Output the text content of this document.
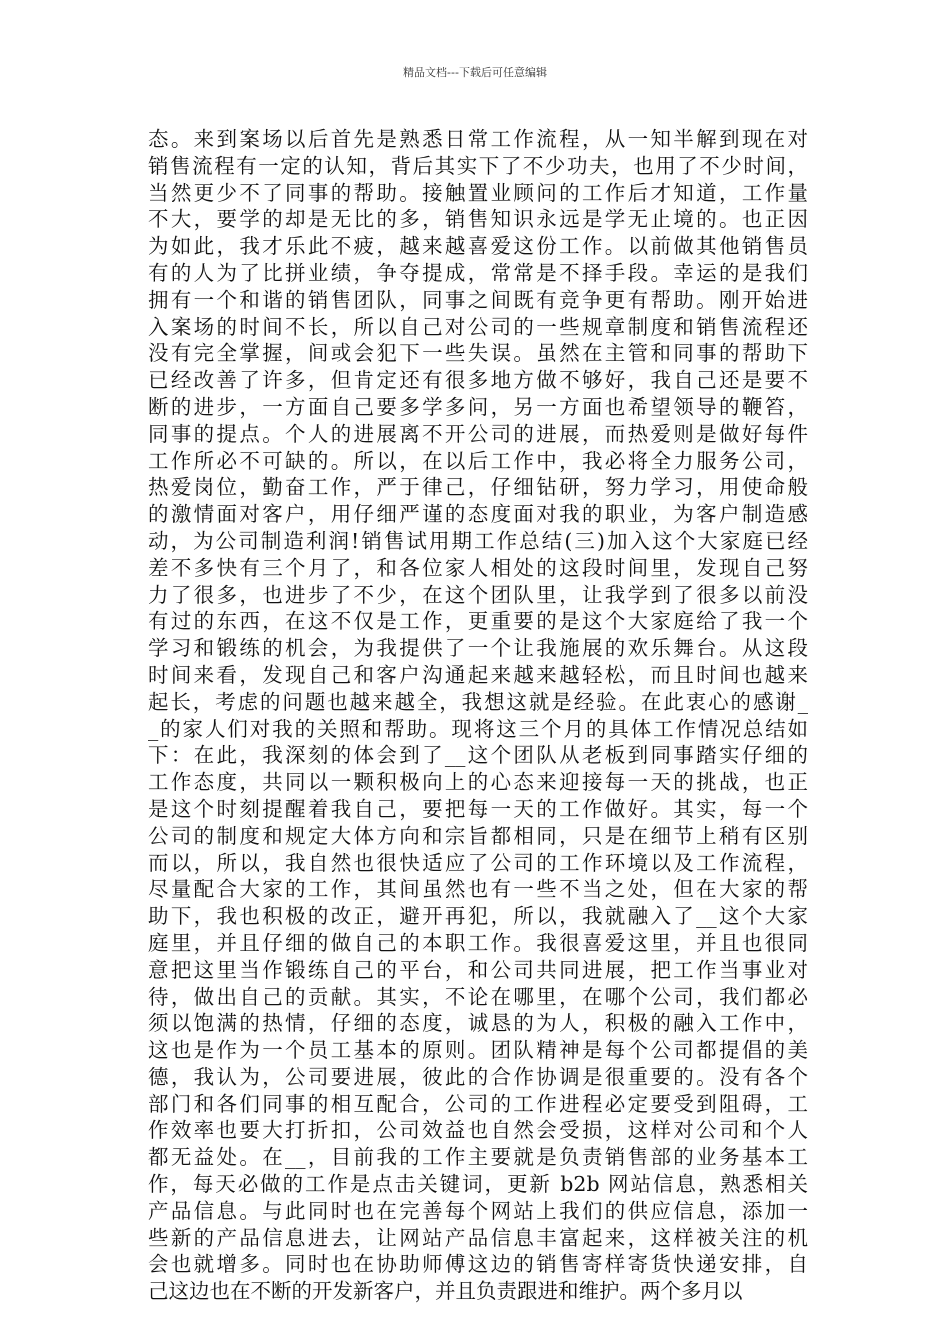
精品文档---下载后可任意编辑
态。来到案场以后首先是熟悉日常工作流程，从一知半解到现在对
销售流程有一定的认知，背后其实下了不少功夫，也用了不少时间，
当然更少不了同事的帮助。接触置业顾问的工作后才知道，工作量
不大，要学的却是无比的多，销售知识永远是学无止境的。也正因
为如此，我才乐此不疲，越来越喜爱这份工作。以前做其他销售员
有的人为了比拼业绩，争夺提成，常常是不择手段。幸运的是我们
拥有一个和谐的销售团队，同事之间既有竞争更有帮助。刚开始进
入案场的时间不长，所以自己对公司的一些规章制度和销售流程还
没有完全掌握，间或会犯下一些失误。虽然在主管和同事的帮助下
已经改善了许多，但肯定还有很多地方做不够好，我自己还是要不
断的进步，一方面自己要多学多问，另一方面也希望领导的鞭笞，
同事的提点。个人的进展离不开公司的进展，而热爱则是做好每件
工作所必不可缺的。所以，在以后工作中，我必将全力服务公司，
热爱岗位，勤奋工作，严于律己，仔细钻研，努力学习，用使命般
的激情面对客户，用仔细严谨的态度面对我的职业，为客户制造感
动，为公司制造利润!销售试用期工作总结(三)加入这个大家庭已经
差不多快有三个月了，和各位家人相处的这段时间里，发现自己努
力了很多，也进步了不少，在这个团队里，让我学到了很多以前没
有过的东西，在这不仅是工作，更重要的是这个大家庭给了我一个
学习和锻练的机会，为我提供了一个让我施展的欢乐舞台。从这段
时间来看，发现自己和客户沟通起来越来越轻松，而且时间也越来
起长，考虑的问题也越来越全，我想这就是经验。在此衷心的感谢_
_的家人们对我的关照和帮助。现将这三个月的具体工作情况总结如
下：在此，我深刻的体会到了__这个团队从老板到同事踏实仔细的
工作态度，共同以一颗积极向上的心态来迎接每一天的挑战，也正
是这个时刻提醒着我自己，要把每一天的工作做好。其实，每一个
公司的制度和规定大体方向和宗旨都相同，只是在细节上稍有区别
而以，所以，我自然也很快适应了公司的工作环境以及工作流程，
尽量配合大家的工作，其间虽然也有一些不当之处，但在大家的帮
助下，我也积极的改正，避开再犯，所以，我就融入了__这个大家
庭里，并且仔细的做自己的本职工作。我很喜爱这里，并且也很同
意把这里当作锻练自己的平台，和公司共同进展，把工作当事业对
待，做出自己的贡献。其实，不论在哪里，在哪个公司，我们都必
须以饱满的热情，仔细的态度，诚恳的为人，积极的融入工作中，
这也是作为一个员工基本的原则。团队精神是每个公司都提倡的美
德，我认为，公司要进展，彼此的合作协调是很重要的。没有各个
部门和各们同事的相互配合，公司的工作进程必定要受到阻碍，工
作效率也要大打折扣，公司效益也自然会受损，这样对公司和个人
都无益处。在__，目前我的工作主要就是负责销售部的业务基本工
作，每天必做的工作是点击关键词，更新 b2b 网站信息，熟悉相关
产品信息。与此同时也在完善每个网站上我们的供应信息，添加一
些新的产品信息进去，让网站产品信息丰富起来，这样被关注的机
会也就增多。同时也在协助师傅这边的销售寄样寄货快递安排，自
己这边也在不断的开发新客户，并且负责跟进和维护。两个多月以
